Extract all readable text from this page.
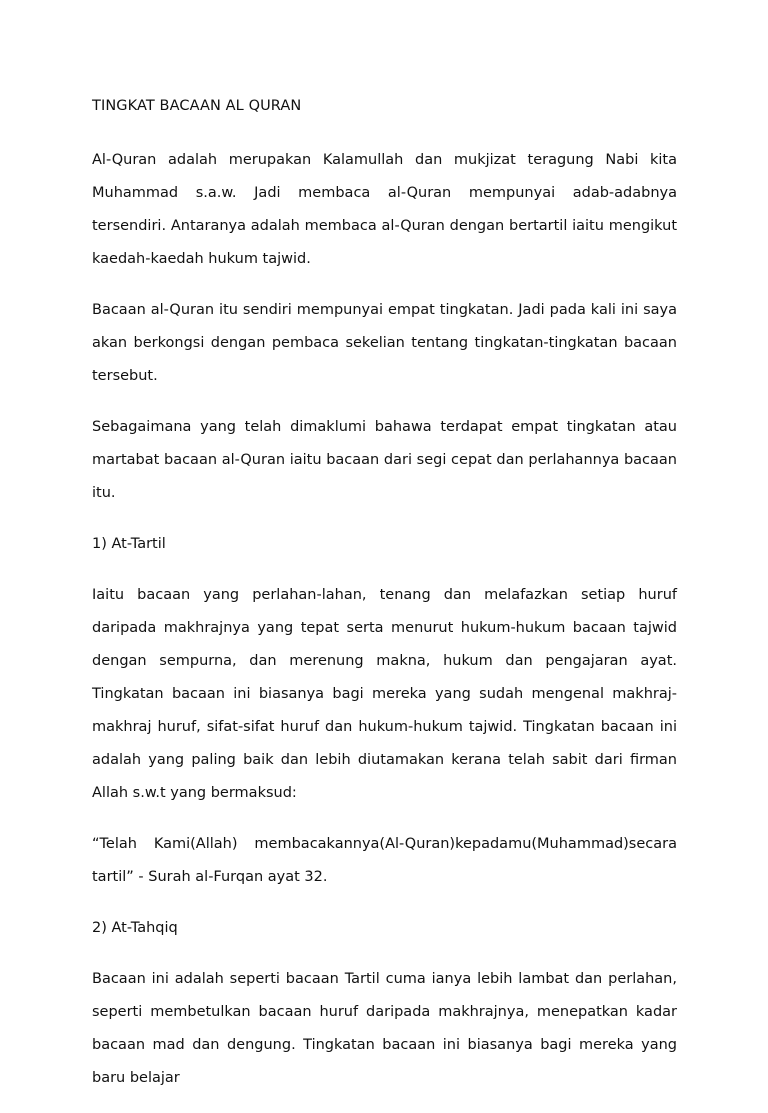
TINGKAT BACAAN AL QURAN

Al-Quran adalah merupakan Kalamullah dan mukjizat teragung Nabi kita Muhammad s.a.w. Jadi membaca al-Quran mempunyai adab-adabnya tersendiri. Antaranya adalah membaca al-Quran dengan bertartil iaitu mengikut kaedah-kaedah hukum tajwid.

Bacaan al-Quran itu sendiri mempunyai empat tingkatan. Jadi pada kali ini saya akan berkongsi dengan pembaca sekelian tentang tingkatan-tingkatan bacaan tersebut.

Sebagaimana yang telah dimaklumi bahawa terdapat empat tingkatan atau martabat bacaan al-Quran iaitu bacaan dari segi cepat dan perlahannya bacaan itu.

1) At-Tartil

Iaitu bacaan yang perlahan-lahan, tenang dan melafazkan setiap huruf daripada makhrajnya yang tepat serta menurut hukum-hukum bacaan tajwid dengan sempurna, dan merenung makna, hukum dan pengajaran ayat. Tingkatan bacaan ini biasanya bagi mereka yang sudah mengenal makhraj-makhraj huruf, sifat-sifat huruf dan hukum-hukum tajwid. Tingkatan bacaan ini adalah yang paling baik dan lebih diutamakan kerana telah sabit dari firman Allah s.w.t yang bermaksud:

“Telah Kami(Allah) membacakannya(Al-Quran)kepadamu(Muhammad)secara tartil” - Surah al-Furqan ayat 32.

2) At-Tahqiq

Bacaan ini adalah seperti bacaan Tartil cuma ianya lebih lambat dan perlahan, seperti membetulkan bacaan huruf daripada makhrajnya, menepatkan kadar bacaan mad dan dengung. Tingkatan bacaan ini biasanya bagi mereka yang baru belajar
